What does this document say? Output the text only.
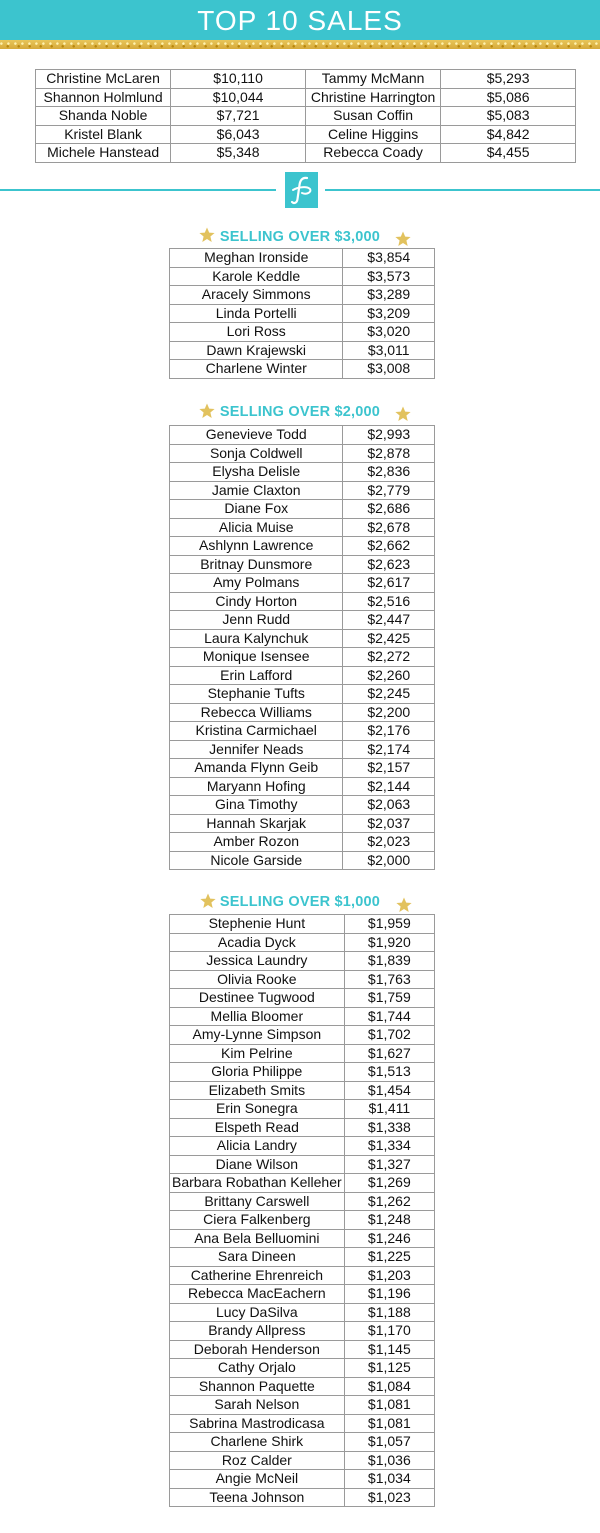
TOP 10 SALES
Christine McLaren	$10,110	Tammy McMann	$5,293
Shannon Holmlund	$10,044	Christine Harrington	$5,086
Shanda Noble	$7,721	Susan Coffin	$5,083
Kristel Blank	$6,043	Celine Higgins	$4,842
Michele Hanstead	$5,348	Rebecca Coady	$4,455
SELLING OVER $3,000
Meghan Ironside	$3,854
Karole Keddle	$3,573
Aracely Simmons	$3,289
Linda Portelli	$3,209
Lori Ross	$3,020
Dawn Krajewski	$3,011
Charlene Winter	$3,008
SELLING OVER $2,000
Genevieve Todd	$2,993
Sonja Coldwell	$2,878
Elysha Delisle	$2,836
Jamie Claxton	$2,779
Diane Fox	$2,686
Alicia Muise	$2,678
Ashlynn Lawrence	$2,662
Britnay Dunsmore	$2,623
Amy Polmans	$2,617
Cindy Horton	$2,516
Jenn Rudd	$2,447
Laura Kalynchuk	$2,425
Monique Isensee	$2,272
Erin Lafford	$2,260
Stephanie Tufts	$2,245
Rebecca Williams	$2,200
Kristina Carmichael	$2,176
Jennifer Neads	$2,174
Amanda Flynn Geib	$2,157
Maryann Hofing	$2,144
Gina Timothy	$2,063
Hannah Skarjak	$2,037
Amber Rozon	$2,023
Nicole Garside	$2,000
SELLING OVER $1,000
Stephenie Hunt	$1,959
Acadia Dyck	$1,920
Jessica Laundry	$1,839
Olivia Rooke	$1,763
Destinee Tugwood	$1,759
Mellia Bloomer	$1,744
Amy-Lynne Simpson	$1,702
Kim Pelrine	$1,627
Gloria Philippe	$1,513
Elizabeth Smits	$1,454
Erin Sonegra	$1,411
Elspeth Read	$1,338
Alicia Landry	$1,334
Diane Wilson	$1,327
Barbara Robathan Kelleher	$1,269
Brittany Carswell	$1,262
Ciera Falkenberg	$1,248
Ana Bela Belluomini	$1,246
Sara Dineen	$1,225
Catherine Ehrenreich	$1,203
Rebecca MacEachern	$1,196
Lucy DaSilva	$1,188
Brandy Allpress	$1,170
Deborah Henderson	$1,145
Cathy Orjalo	$1,125
Shannon Paquette	$1,084
Sarah Nelson	$1,081
Sabrina Mastrodicasa	$1,081
Charlene Shirk	$1,057
Roz Calder	$1,036
Angie McNeil	$1,034
Teena Johnson	$1,023
